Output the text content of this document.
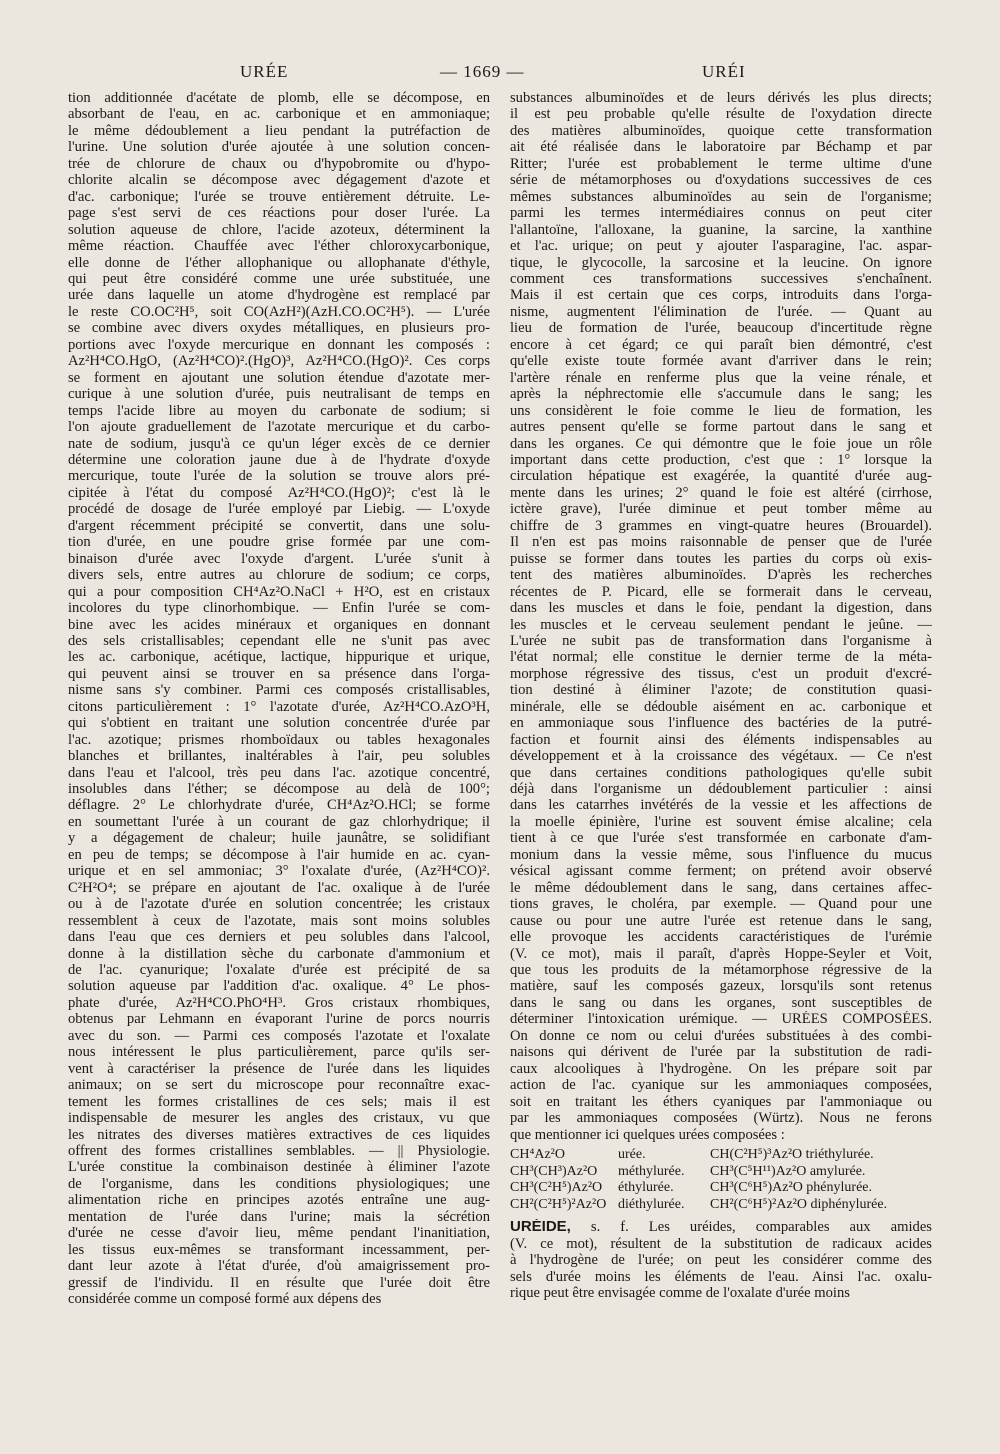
URÉE	— 1669 —	URÉI
tion additionnée d'acétate de plomb, elle se décompose, en
absorbant de l'eau, en ac. carbonique et en ammoniaque;
le même dédoublement a lieu pendant la putréfaction de
l'urine. Une solution d'urée ajoutée à une solution concen-
trée de chlorure de chaux ou d'hypobromite ou d'hypo-
chlorite alcalin se décompose avec dégagement d'azote et
d'ac. carbonique; l'urée se trouve entièrement détruite. Le-
page s'est servi de ces réactions pour doser l'urée. La
solution aqueuse de chlore, l'acide azoteux, déterminent la
même réaction. Chauffée avec l'éther chloroxycarbonique,
elle donne de l'éther allophanique ou allophanate d'éthyle,
qui peut être considéré comme une urée substituée, une
urée dans laquelle un atome d'hydrogène est remplacé par
le reste CO.OC²H⁵, soit CO(AzH²)(AzH.CO.OC²H⁵). — L'urée
se combine avec divers oxydes métalliques, en plusieurs pro-
portions avec l'oxyde mercurique en donnant les composés :
Az²H⁴CO.HgO, (Az²H⁴CO)².(HgO)³, Az²H⁴CO.(HgO)². Ces corps
se forment en ajoutant une solution étendue d'azotate mer-
curique à une solution d'urée, puis neutralisant de temps en
temps l'acide libre au moyen du carbonate de sodium; si
l'on ajoute graduellement de l'azotate mercurique et du carbo-
nate de sodium, jusqu'à ce qu'un léger excès de ce dernier
détermine une coloration jaune due à de l'hydrate d'oxyde
mercurique, toute l'urée de la solution se trouve alors pré-
cipitée à l'état du composé Az²H⁴CO.(HgO)²; c'est là le
procédé de dosage de l'urée employé par Liebig. — L'oxyde
d'argent récemment précipité se convertit, dans une solu-
tion d'urée, en une poudre grise formée par une com-
binaison d'urée avec l'oxyde d'argent. L'urée s'unit à
divers sels, entre autres au chlorure de sodium; ce corps,
qui a pour composition CH⁴Az²O.NaCl + H²O, est en cristaux
incolores du type clinorhombique. — Enfin l'urée se com-
bine avec les acides minéraux et organiques en donnant
des sels cristallisables; cependant elle ne s'unit pas avec
les ac. carbonique, acétique, lactique, hippurique et urique,
qui peuvent ainsi se trouver en sa présence dans l'orga-
nisme sans s'y combiner. Parmi ces composés cristallisables,
citons particulièrement : 1° l'azotate d'urée, Az²H⁴CO.AzO³H,
qui s'obtient en traitant une solution concentrée d'urée par
l'ac. azotique; prismes rhomboïdaux ou tables hexagonales
blanches et brillantes, inaltérables à l'air, peu solubles
dans l'eau et l'alcool, très peu dans l'ac. azotique concentré,
insolubles dans l'éther; se décompose au delà de 100°;
déflagre. 2° Le chlorhydrate d'urée, CH⁴Az²O.HCl; se forme
en soumettant l'urée à un courant de gaz chlorhydrique; il
y a dégagement de chaleur; huile jaunâtre, se solidifiant
en peu de temps; se décompose à l'air humide en ac. cyan-
urique et en sel ammoniac; 3° l'oxalate d'urée, (Az²H⁴CO)².
C²H²O⁴; se prépare en ajoutant de l'ac. oxalique à de l'urée
ou à de l'azotate d'urée en solution concentrée; les cristaux
ressemblent à ceux de l'azotate, mais sont moins solubles
dans l'eau que ces derniers et peu solubles dans l'alcool,
donne à la distillation sèche du carbonate d'ammonium et
de l'ac. cyanurique; l'oxalate d'urée est précipité de sa
solution aqueuse par l'addition d'ac. oxalique. 4° Le phos-
phate d'urée, Az²H⁴CO.PhO⁴H³. Gros cristaux rhombiques,
obtenus par Lehmann en évaporant l'urine de porcs nourris
avec du son. — Parmi ces composés l'azotate et l'oxalate
nous intéressent le plus particulièrement, parce qu'ils ser-
vent à caractériser la présence de l'urée dans les liquides
animaux; on se sert du microscope pour reconnaître exac-
tement les formes cristallines de ces sels; mais il est
indispensable de mesurer les angles des cristaux, vu que
les nitrates des diverses matières extractives de ces liquides
offrent des formes cristallines semblables. — || Physiologie.
L'urée constitue la combinaison destinée à éliminer l'azote
de l'organisme, dans les conditions physiologiques; une
alimentation riche en principes azotés entraîne une aug-
mentation de l'urée dans l'urine; mais la sécrétion
d'urée ne cesse d'avoir lieu, même pendant l'inanitiation,
les tissus eux-mêmes se transformant incessamment, per-
dant leur azote à l'état d'urée, d'où amaigrissement pro-
gressif de l'individu. Il en résulte que l'urée doit être
considérée comme un composé formé aux dépens des
substances albuminoïdes et de leurs dérivés les plus directs;
il est peu probable qu'elle résulte de l'oxydation directe
des matières albuminoïdes, quoique cette transformation
ait été réalisée dans le laboratoire par Béchamp et par
Ritter; l'urée est probablement le terme ultime d'une
série de métamorphoses ou d'oxydations successives de ces
mêmes substances albuminoïdes au sein de l'organisme;
parmi les termes intermédiaires connus on peut citer
l'allantoïne, l'alloxane, la guanine, la sarcine, la xanthine
et l'ac. urique; on peut y ajouter l'asparagine, l'ac. aspar-
tique, le glycocolle, la sarcosine et la leucine. On ignore
comment ces transformations successives s'enchaînent.
Mais il est certain que ces corps, introduits dans l'orga-
nisme, augmentent l'élimination de l'urée. — Quant au
lieu de formation de l'urée, beaucoup d'incertitude règne
encore à cet égard; ce qui paraît bien démontré, c'est
qu'elle existe toute formée avant d'arriver dans le rein;
l'artère rénale en renferme plus que la veine rénale, et
après la néphrectomie elle s'accumule dans le sang; les
uns considèrent le foie comme le lieu de formation, les
autres pensent qu'elle se forme partout dans le sang et
dans les organes. Ce qui démontre que le foie joue un rôle
important dans cette production, c'est que : 1° lorsque la
circulation hépatique est exagérée, la quantité d'urée aug-
mente dans les urines; 2° quand le foie est altéré (cirrhose,
ictère grave), l'urée diminue et peut tomber même au
chiffre de 3 grammes en vingt-quatre heures (Brouardel).
Il n'en est pas moins raisonnable de penser que de l'urée
puisse se former dans toutes les parties du corps où exis-
tent des matières albuminoïdes. D'après les recherches
récentes de P. Picard, elle se formerait dans le cerveau,
dans les muscles et dans le foie, pendant la digestion, dans
les muscles et le cerveau seulement pendant le jeûne. —
L'urée ne subit pas de transformation dans l'organisme à
l'état normal; elle constitue le dernier terme de la méta-
morphose régressive des tissus, c'est un produit d'excré-
tion destiné à éliminer l'azote; de constitution quasi-
minérale, elle se dédouble aisément en ac. carbonique et
en ammoniaque sous l'influence des bactéries de la putré-
faction et fournit ainsi des éléments indispensables au
développement et à la croissance des végétaux. — Ce n'est
que dans certaines conditions pathologiques qu'elle subit
déjà dans l'organisme un dédoublement particulier : ainsi
dans les catarrhes invétérés de la vessie et les affections de
la moelle épinière, l'urine est souvent émise alcaline; cela
tient à ce que l'urée s'est transformée en carbonate d'am-
monium dans la vessie même, sous l'influence du mucus
vésical agissant comme ferment; on prétend avoir observé
le même dédoublement dans le sang, dans certaines affec-
tions graves, le choléra, par exemple. — Quand pour une
cause ou pour une autre l'urée est retenue dans le sang,
elle provoque les accidents caractéristiques de l'urémie
(V. ce mot), mais il paraît, d'après Hoppe-Seyler et Voit,
que tous les produits de la métamorphose régressive de la
matière, sauf les composés gazeux, lorsqu'ils sont retenus
dans le sang ou dans les organes, sont susceptibles de
déterminer l'intoxication urémique. — URÉES COMPOSÉES.
On donne ce nom ou celui d'urées substituées à des combi-
naisons qui dérivent de l'urée par la substitution de radi-
caux alcooliques à l'hydrogène. On les prépare soit par
action de l'ac. cyanique sur les ammoniaques composées,
soit en traitant les éthers cyaniques par l'ammoniaque ou
par les ammoniaques composées (Würtz). Nous ne ferons
que mentionner ici quelques urées composées :
CH⁴Az²O	urée.	CH(C²H⁵)³Az²O triéthylurée.
CH³(CH³)Az²O	méthylurée.	CH³(C⁵H¹¹)Az²O amylurée.
CH³(C²H⁵)Az²O	éthylurée.	CH³(C⁶H⁵)Az²O phénylurée.
CH²(C²H⁵)²Az²O diéthylurée.	CH²(C⁶H⁵)²Az²O diphénylurée.
URÉIDE, s. f. Les uréides, comparables aux amides
(V. ce mot), résultent de la substitution de radicaux acides
à l'hydrogène de l'urée; on peut les considérer comme des
sels d'urée moins les éléments de l'eau. Ainsi l'ac. oxalu-
rique peut être envisagée comme de l'oxalate d'urée moins
